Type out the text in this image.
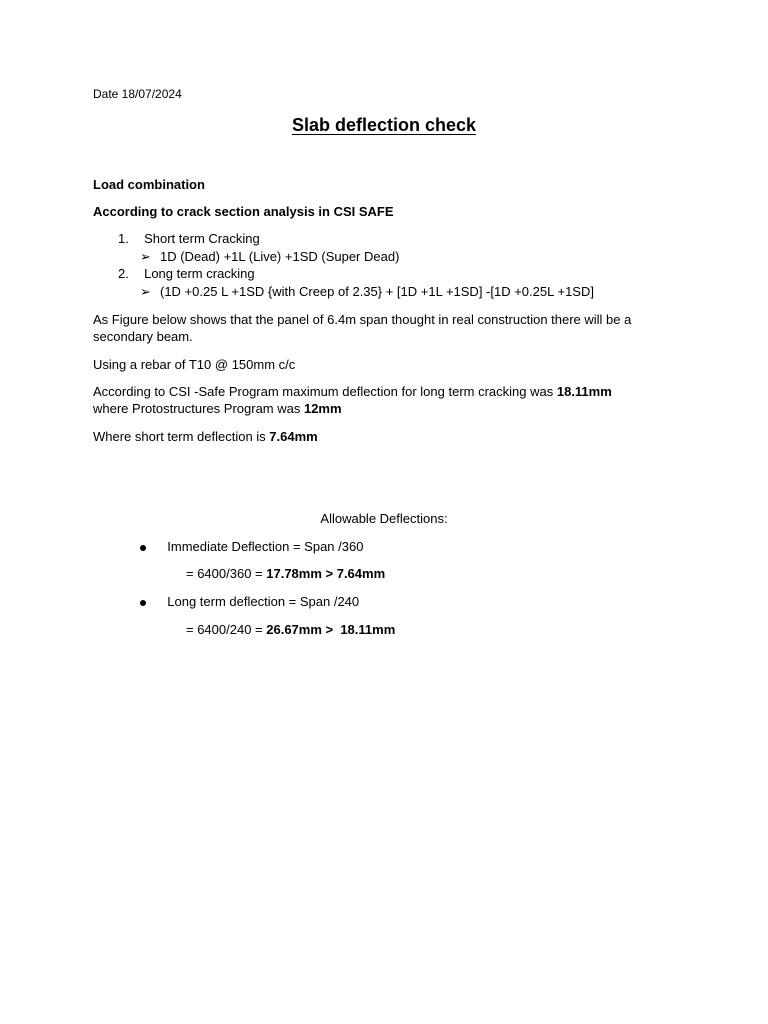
Date 18/07/2024
Slab deflection check
Load combination
According to crack section analysis in CSI SAFE
1. Short term Cracking
➢ 1D (Dead) +1L (Live) +1SD (Super Dead)
2. Long term cracking
➢ (1D +0.25 L +1SD {with Creep of 2.35} + [1D +1L +1SD] -[1D +0.25L +1SD]
As Figure below shows that the panel of 6.4m span thought in real construction there will be a secondary beam.
Using a rebar of T10 @ 150mm c/c
According to CSI -Safe Program maximum deflection for long term cracking was 18.11mm
where Protostructures Program was 12mm
Where short term deflection is 7.64mm
Allowable Deflections:
Immediate Deflection = Span /360
= 6400/360 = 17.78mm > 7.64mm
Long term deflection = Span /240
= 6400/240 = 26.67mm >  18.11mm
